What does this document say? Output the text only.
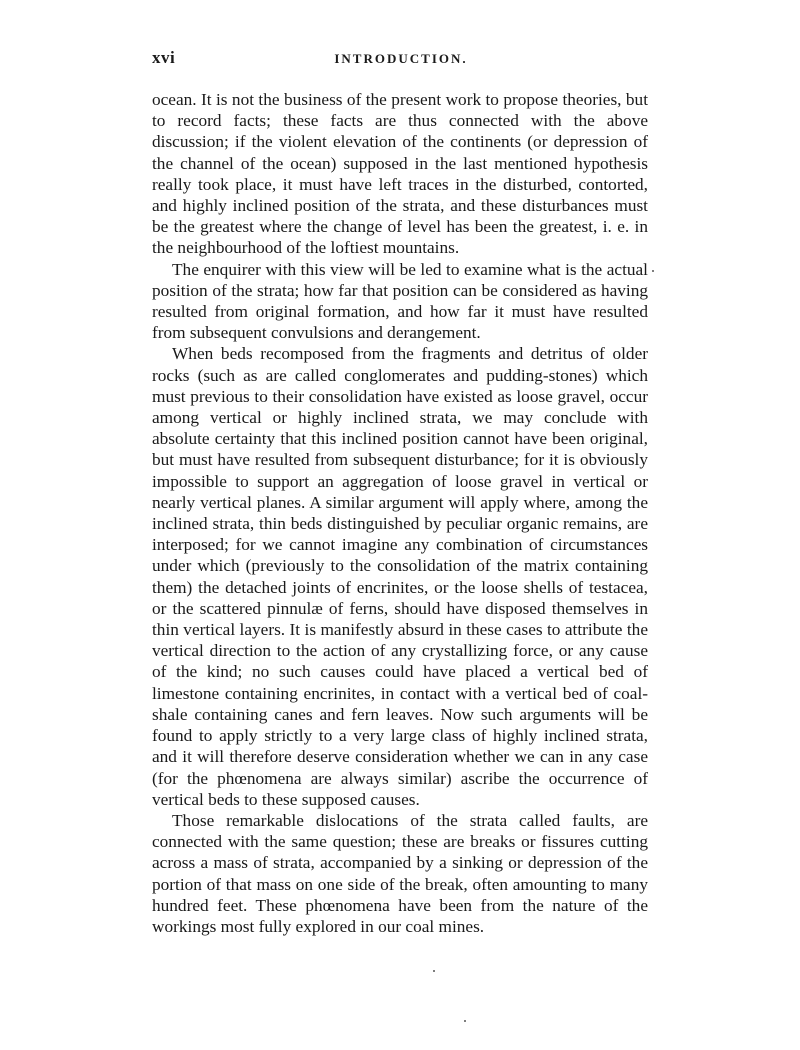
xvi	INTRODUCTION.

ocean. It is not the business of the present work to propose theories, but to record facts; these facts are thus connected with the above discussion; if the violent elevation of the continents (or depression of the channel of the ocean) supposed in the last mentioned hypothesis really took place, it must have left traces in the disturbed, contorted, and highly inclined position of the strata, and these disturbances must be the greatest where the change of level has been the greatest, i. e. in the neighbourhood of the loftiest mountains.

The enquirer with this view will be led to examine what is the actual position of the strata; how far that position can be considered as having resulted from original formation, and how far it must have resulted from subsequent convulsions and derangement.

When beds recomposed from the fragments and detritus of older rocks (such as are called conglomerates and pudding-stones) which must previous to their consolidation have existed as loose gravel, occur among vertical or highly inclined strata, we may conclude with absolute certainty that this inclined position cannot have been original, but must have resulted from subsequent disturbance; for it is obviously impossible to support an aggregation of loose gravel in vertical or nearly vertical planes. A similar argument will apply where, among the inclined strata, thin beds distinguished by peculiar organic remains, are interposed; for we cannot imagine any combination of circumstances under which (previously to the consolidation of the matrix containing them) the detached joints of encrinites, or the loose shells of testacea, or the scattered pinnulæ of ferns, should have disposed themselves in thin vertical layers. It is manifestly absurd in these cases to attribute the vertical direction to the action of any crystallizing force, or any cause of the kind; no such causes could have placed a vertical bed of limestone containing encrinites, in contact with a vertical bed of coal-shale containing canes and fern leaves. Now such arguments will be found to apply strictly to a very large class of highly inclined strata, and it will therefore deserve consideration whether we can in any case (for the phœnomena are always similar) ascribe the occurrence of vertical beds to these supposed causes.

Those remarkable dislocations of the strata called faults, are connected with the same question; these are breaks or fissures cutting across a mass of strata, accompanied by a sinking or depression of the portion of that mass on one side of the break, often amounting to many hundred feet. These phœnomena have been from the nature of the workings most fully explored in our coal mines.
